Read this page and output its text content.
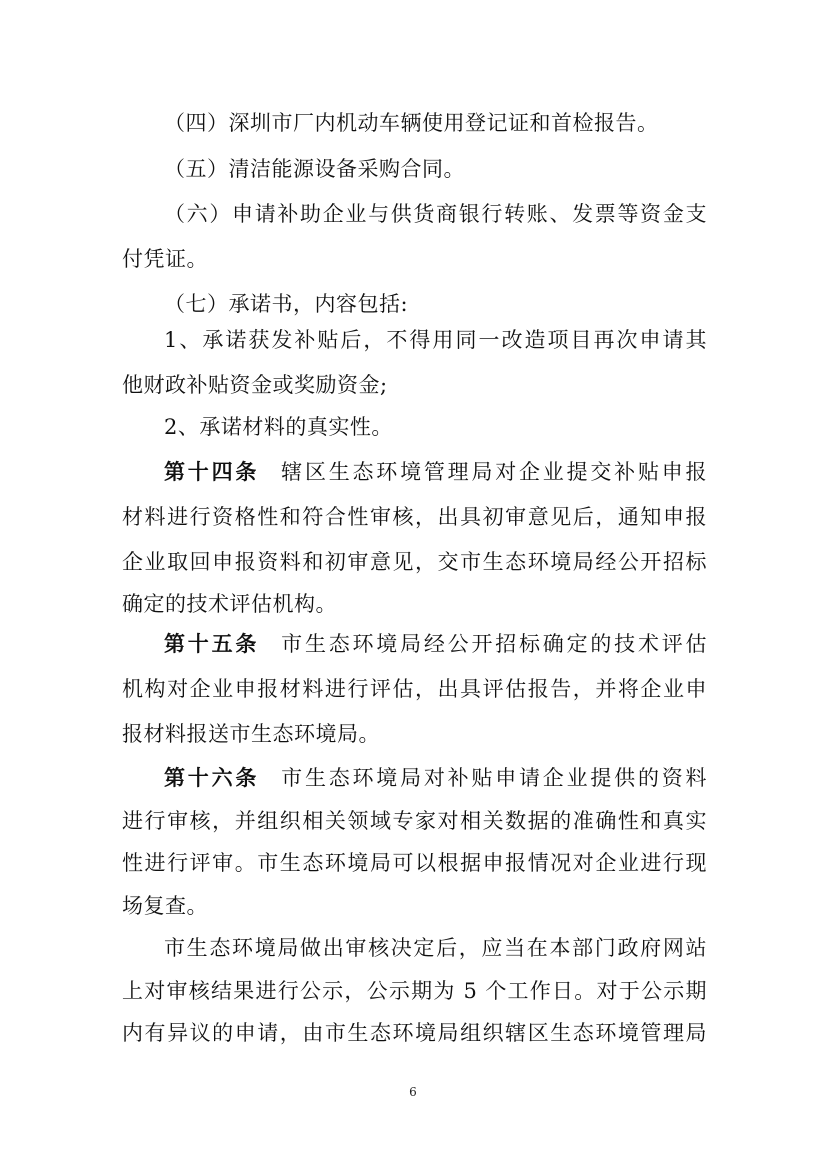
（四）深圳市厂内机动车辆使用登记证和首检报告。
（五）清洁能源设备采购合同。
（六）申请补助企业与供货商银行转账、发票等资金支
付凭证。
（七）承诺书，内容包括:
1、承诺获发补贴后，不得用同一改造项目再次申请其
他财政补贴资金或奖励资金;
2、承诺材料的真实性。
第十四条 辖区生态环境管理局对企业提交补贴申报
材料进行资格性和符合性审核，出具初审意见后，通知申报
企业取回申报资料和初审意见，交市生态环境局经公开招标
确定的技术评估机构。
第十五条 市生态环境局经公开招标确定的技术评估
机构对企业申报材料进行评估，出具评估报告，并将企业申
报材料报送市生态环境局。
第十六条 市生态环境局对补贴申请企业提供的资料
进行审核，并组织相关领域专家对相关数据的准确性和真实
性进行评审。市生态环境局可以根据申报情况对企业进行现
场复查。
市生态环境局做出审核决定后，应当在本部门政府网站
上对审核结果进行公示，公示期为 5 个工作日。对于公示期
内有异议的申请，由市生态环境局组织辖区生态环境管理局
6
